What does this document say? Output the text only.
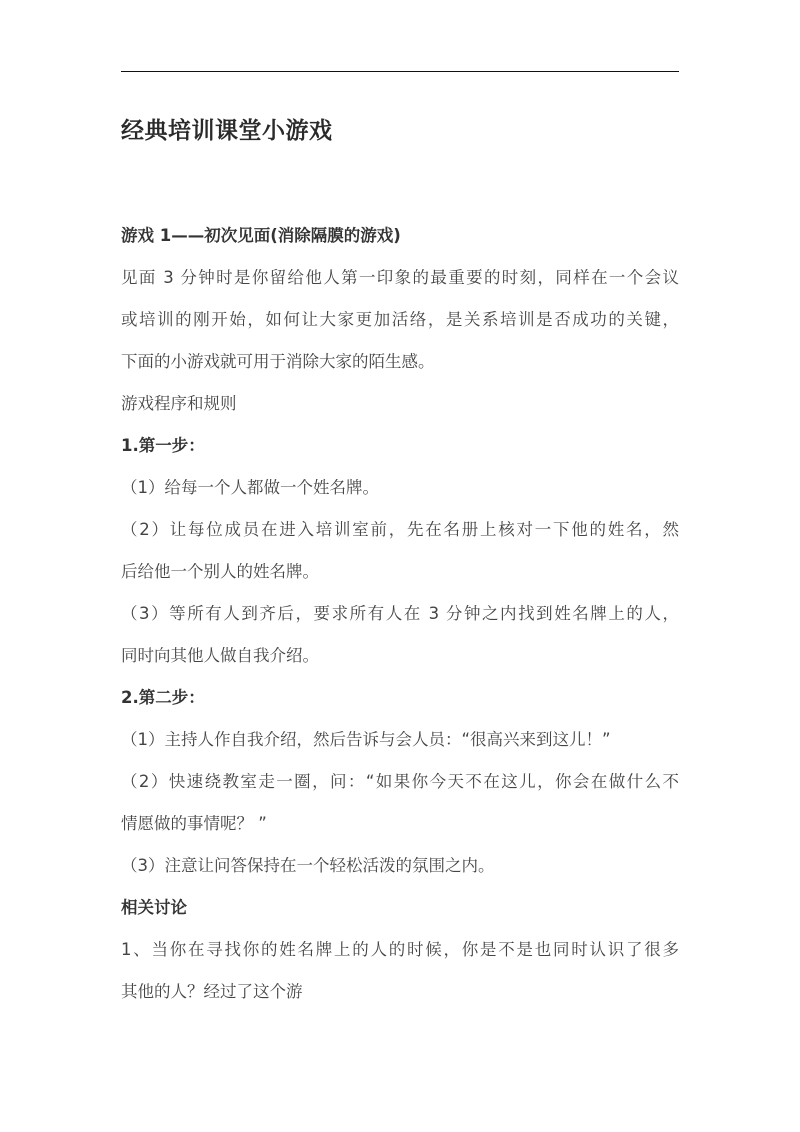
经典培训课堂小游戏
游戏 1——初次见面(消除隔膜的游戏)
见面 3 分钟时是你留给他人第一印象的最重要的时刻，同样在一个会议
或培训的刚开始，如何让大家更加活络，是关系培训是否成功的关键，
下面的小游戏就可用于消除大家的陌生感。
游戏程序和规则
1.第一步：
（1）给每一个人都做一个姓名牌。
（2）让每位成员在进入培训室前，先在名册上核对一下他的姓名，然
后给他一个别人的姓名牌。
（3）等所有人到齐后，要求所有人在 3 分钟之内找到姓名牌上的人，
同时向其他人做自我介绍。
2.第二步：
（1）主持人作自我介绍，然后告诉与会人员：“很高兴来到这儿！”
（2）快速绕教室走一圈，问：“如果你今天不在这儿，你会在做什么不
情愿做的事情呢？ ”
（3）注意让问答保持在一个轻松活泼的氛围之内。
相关讨论
1、当你在寻找你的姓名牌上的人的时候，你是不是也同时认识了很多
其他的人？经过了这个游
